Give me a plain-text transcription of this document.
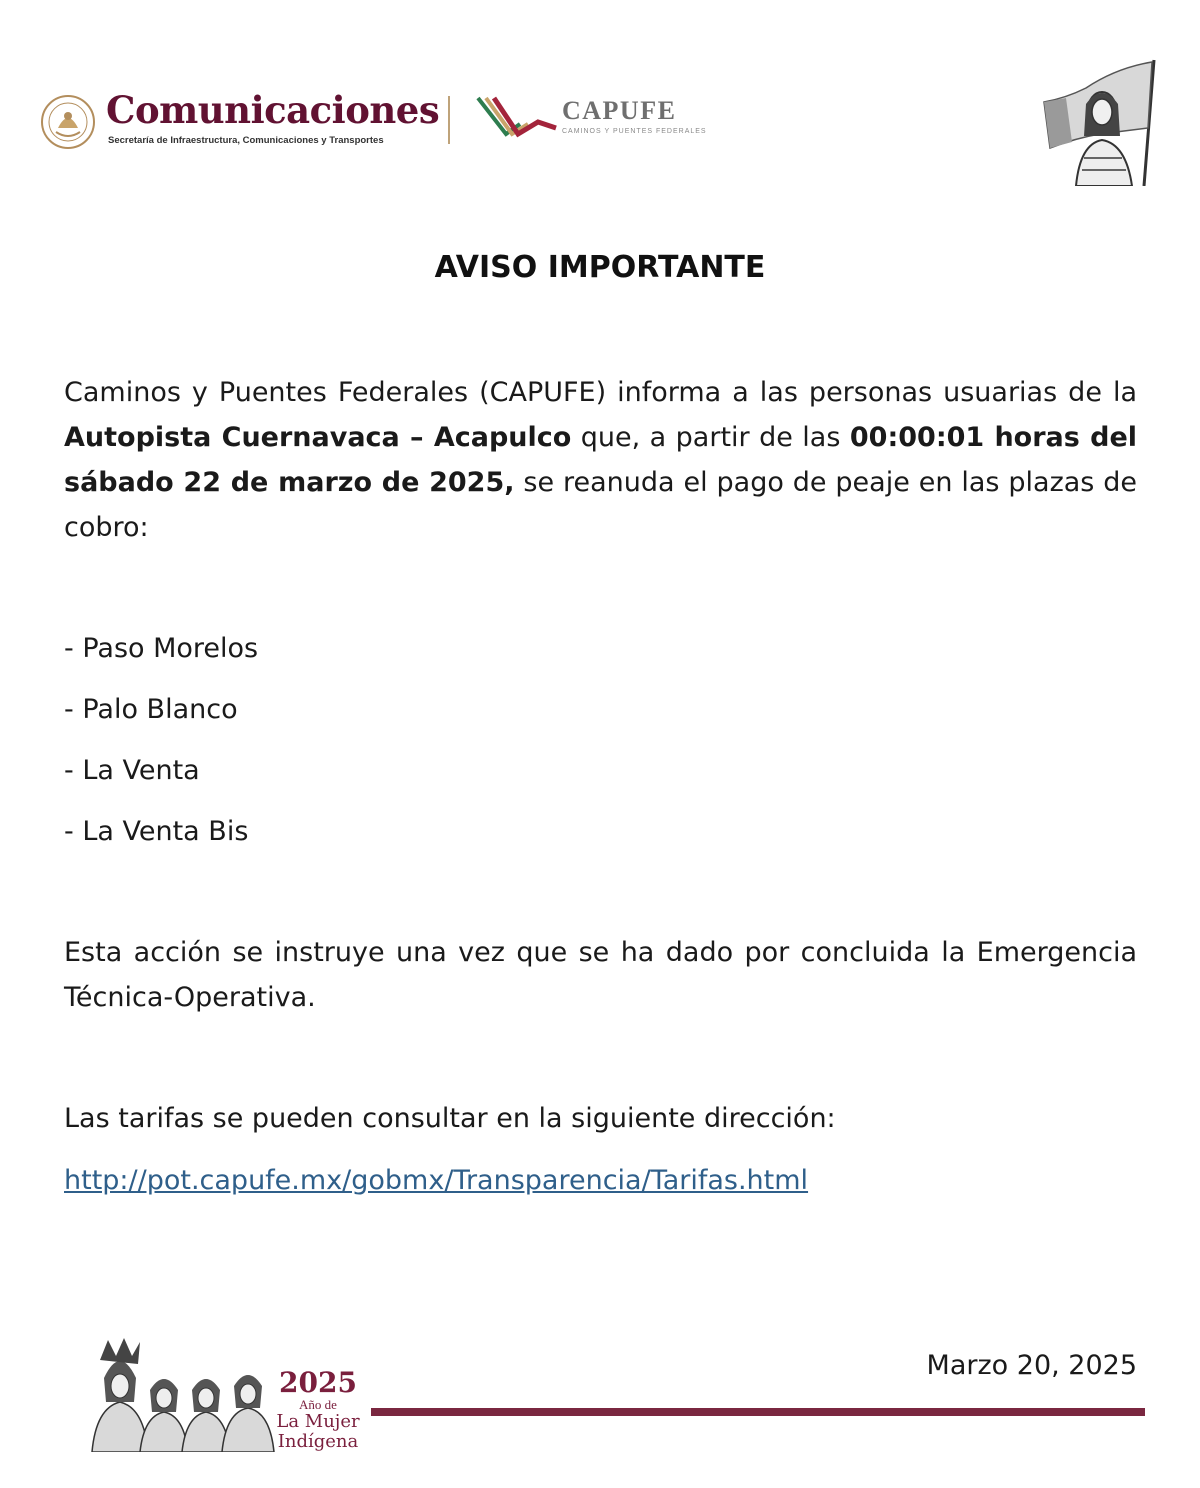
Comunicaciones
Secretaría de Infraestructura, Comunicaciones y Transportes
CAPUFE
CAMINOS Y PUENTES FEDERALES
AVISO IMPORTANTE
Caminos y Puentes Federales (CAPUFE) informa a las personas usuarias de la Autopista Cuernavaca – Acapulco que, a partir de las 00:00:01 horas del sábado 22 de marzo de 2025, se reanuda el pago de peaje en las plazas de cobro:
- Paso Morelos
- Palo Blanco
- La Venta
- La Venta Bis
Esta acción se instruye una vez que se ha dado por concluida la Emergencia Técnica-Operativa.
Las tarifas se pueden consultar en la siguiente dirección:
http://pot.capufe.mx/gobmx/Transparencia/Tarifas.html
2025
Año de
La Mujer
Indígena
Marzo 20, 2025
